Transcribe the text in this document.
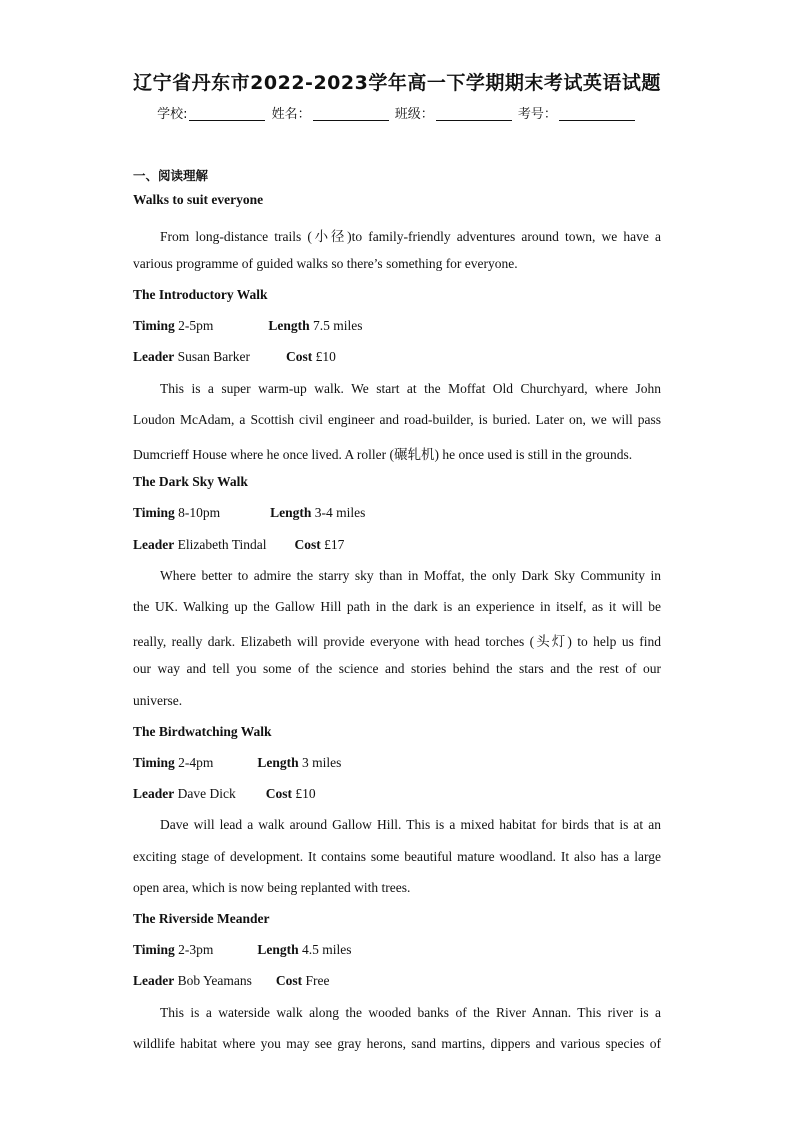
辽宁省丹东市2022-2023学年高一下学期期末考试英语试题
学校:	姓名：	班级：	考号：
一、阅读理解
Walks to suit everyone
From long-distance trails (小径)to family-friendly adventures around town, we have a
various programme of guided walks so there’s something for everyone.
The Introductory Walk
Timing 2-5pm	Length 7.5 miles
Leader Susan Barker	Cost £10
This is a super warm-up walk. We start at the Moffat Old Churchyard, where John
Loudon McAdam, a Scottish civil engineer and road-builder, is buried. Later on, we will pass
Dumcrieff House where he once lived. A roller (碾轧机) he once used is still in the grounds.
The Dark Sky Walk
Timing 8-10pm	Length 3-4 miles
Leader Elizabeth Tindal Cost £17
Where better to admire the starry sky than in Moffat, the only Dark Sky Community in
the UK. Walking up the Gallow Hill path in the dark is an experience in itself, as it will be
really, really dark. Elizabeth will provide everyone with head torches (头灯) to help us find
our way and tell you some of the science and stories behind the stars and the rest of our
universe.
The Birdwatching Walk
Timing 2-4pm	Length 3 miles
Leader Dave Dick Cost £10
Dave will lead a walk around Gallow Hill. This is a mixed habitat for birds that is at an
exciting stage of development. It contains some beautiful mature woodland. It also has a large
open area, which is now being replanted with trees.
The Riverside Meander
Timing 2-3pm	Length 4.5 miles
Leader Bob Yeamans Cost Free
This is a waterside walk along the wooded banks of the River Annan. This river is a
wildlife habitat where you may see gray herons, sand martins, dippers and various species of
